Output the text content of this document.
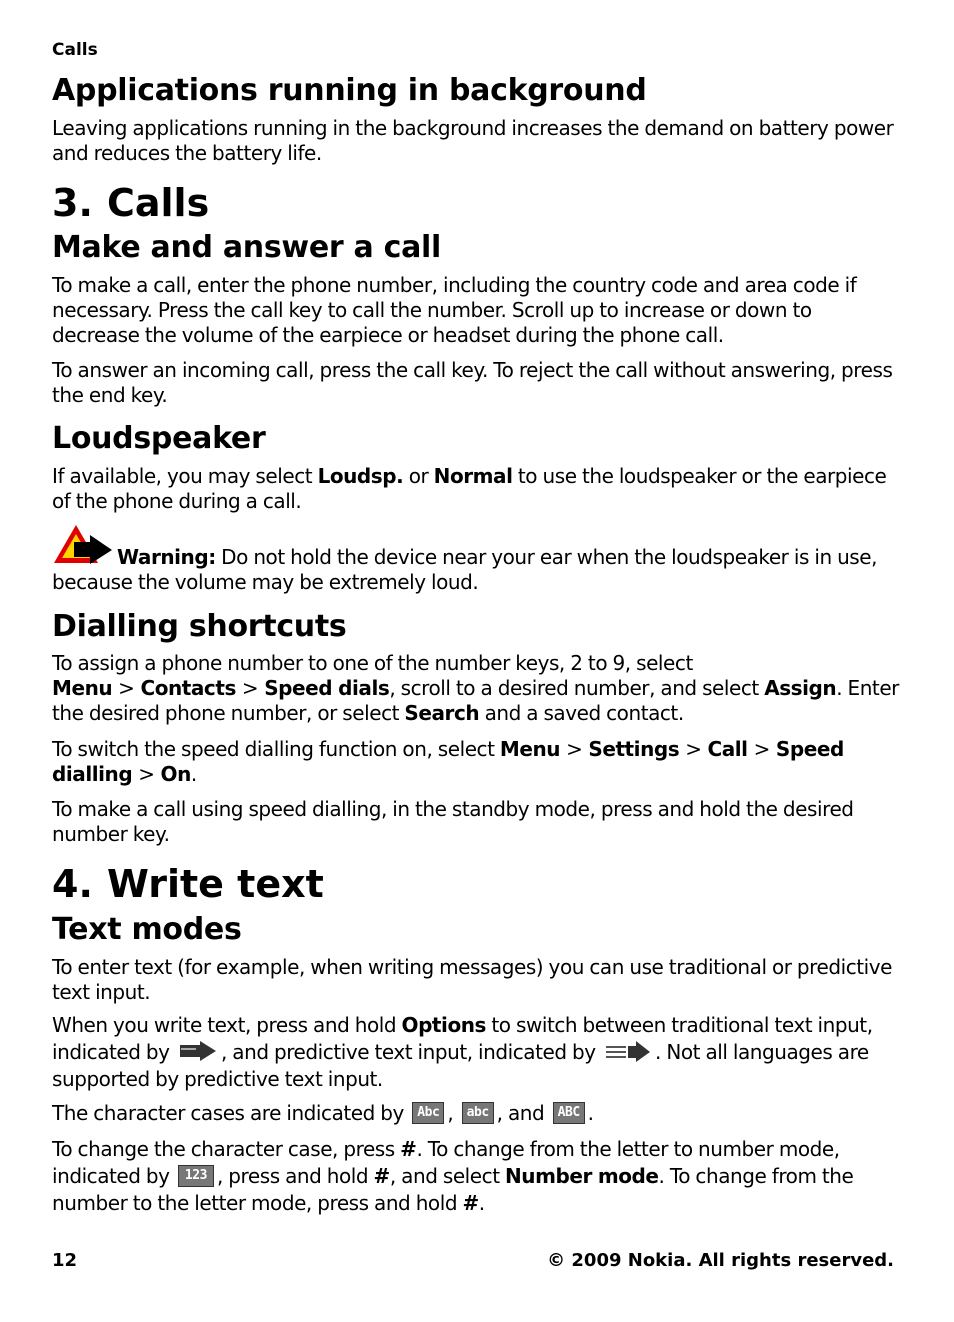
Calls
Applications running in background
Leaving applications running in the background increases the demand on battery power and reduces the battery life.
3. Calls
Make and answer a call
To make a call, enter the phone number, including the country code and area code if necessary. Press the call key to call the number. Scroll up to increase or down to decrease the volume of the earpiece or headset during the phone call.
To answer an incoming call, press the call key. To reject the call without answering, press the end key.
Loudspeaker
If available, you may select Loudsp. or Normal to use the loudspeaker or the earpiece of the phone during a call.
Warning: Do not hold the device near your ear when the loudspeaker is in use, because the volume may be extremely loud.
Dialling shortcuts
To assign a phone number to one of the number keys, 2 to 9, select Menu > Contacts > Speed dials, scroll to a desired number, and select Assign. Enter the desired phone number, or select Search and a saved contact.
To switch the speed dialling function on, select Menu > Settings > Call > Speed dialling > On.
To make a call using speed dialling, in the standby mode, press and hold the desired number key.
4. Write text
Text modes
To enter text (for example, when writing messages) you can use traditional or predictive text input.
When you write text, press and hold Options to switch between traditional text input, indicated by , and predictive text input, indicated by	. Not all languages are supported by predictive text input.
The character cases are indicated by Abc , abc , and ABC .
To change the character case, press #. To change from the letter to number mode, indicated by 123 , press and hold #, and select Number mode. To change from the number to the letter mode, press and hold #.
12	© 2009 Nokia. All rights reserved.
